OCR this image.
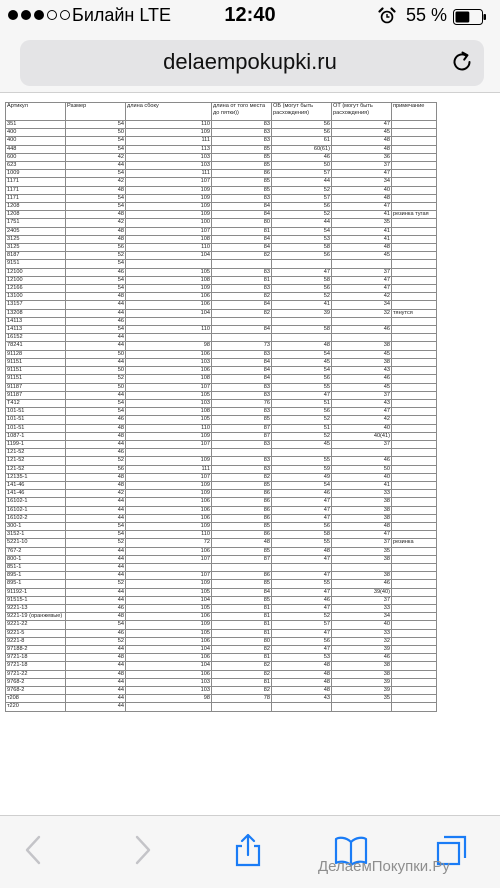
Билайн LTE	12:40	55 %
delaempokupki.ru
Артикул	Размер	длина сбоку	длина от того места до пятки))	ОБ (могут быть расхождения)	ОТ (могут быть расхождения)	примечание
351	54	110	83	56	47	
400	50	109	83	56	45	
400	54	111	83	61	48	
448	54	113	85	60(61)	48	
600	42	103	85	46	36	
623	44	103	85	50	37	
1009	54	111	86	57	47	
1171	42	107	85	44	34	
1171	48	109	85	52	40	
1171	54	109	83	57	48	
1208	54	109	84	56	47	
1208	48	109	84	52	41	резинка тугая
1751	42	100	80	44	35	
2405	48	107	81	54	41	
3125	48	108	84	53	41	
3125	56	110	84	58	48	
8187	52	104	82	56	45	
9151	54					
12100	46	105	83	47	37	
12100	54	108	81	58	47	
12166	54	109	83	56	47	
13100	48	106	82	52	42	
13157	44	106	84	41	34	
13208	44	104	82	39	32	тянутся
14113	46					
14113	54	110	84	58	46	
16152	44					
78241	44	98	73	48	38	
91128	50	106	83	54	45	
91151	44	103	84	45	38	
91151	50	106	84	54	43	
91151	52	108	84	56	46	
91187	50	107	83	55	45	
91187	44	105	83	47	37	
T412	54	103	76	51	43	
101-51	54	108	83	56	47	
101-51	46	105	85	52	42	
101-51	48	110	87	51	40	
1087-1	48	109	87	52	40(41)	
1199-1	44	107	83	45	37	
121-52	46					
121-52	52	109	83	55	46	
121-52	56	111	83	59	50	
12135-1	48	107	82	49	40	
141-46	48	109	85	54	41	
141-46	42	109	86	46	33	
16102-1	44	106	86	47	38	
16102-1	44	106	86	47	38	
16102-2	44	106	86	47	38	
300-1	54	109	85	56	48	
3152-1	54	110	86	58	47	
5221-10	52	72	48	55	37	резинка
767-2	44	106	85	48	35	
800-1	44	107	87	47	38	
851-1	44					
895-1	44	107	86	47	38	
895-1	52	109	85	55	46	
91192-1	44	105	84	47	39(40)	
91515-1	44	104	85	46	37	
9221-13	46	105	81	47	33	
9221-19 (оранжевые)	48	106	81	52	34	
9221-22	54	109	81	57	40	
9221-5	46	105	81	47	33	
9221-8	52	106	80	56	32	
97188-2	44	104	82	47	39	
9721-18	48	106	81	53	46	
9721-18	44	104	82	48	38	
9721-22	48	106	82	48	38	
9768-2	44	103	81	48	39	
9768-2	44	103	82	48	39	
т208	44	98	78	43	35	
т220	44					
ДелаемПокупки.Ру
